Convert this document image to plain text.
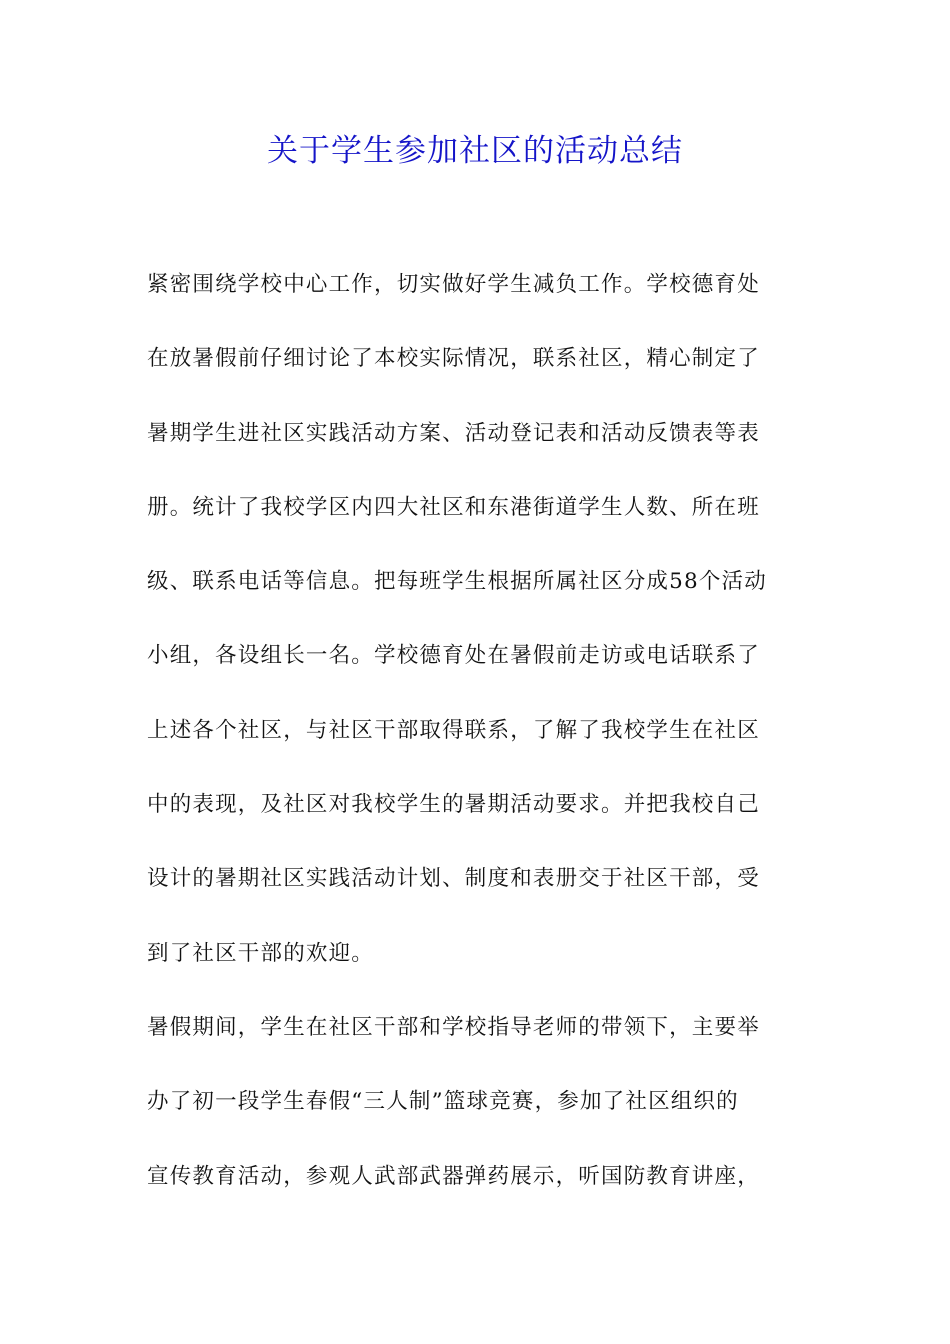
关于学生参加社区的活动总结
紧密围绕学校中心工作，切实做好学生减负工作。学校德育处
在放暑假前仔细讨论了本校实际情况，联系社区，精心制定了
暑期学生进社区实践活动方案、活动登记表和活动反馈表等表
册。统计了我校学区内四大社区和东港街道学生人数、所在班
级、联系电话等信息。把每班学生根据所属社区分成58个活动
小组，各设组长一名。学校德育处在暑假前走访或电话联系了
上述各个社区，与社区干部取得联系，了解了我校学生在社区
中的表现，及社区对我校学生的暑期活动要求。并把我校自己
设计的暑期社区实践活动计划、制度和表册交于社区干部，受
到了社区干部的欢迎。
暑假期间，学生在社区干部和学校指导老师的带领下，主要举
办了初一段学生春假“三人制”篮球竞赛，参加了社区组织的
宣传教育活动，参观人武部武器弹药展示，听国防教育讲座，
